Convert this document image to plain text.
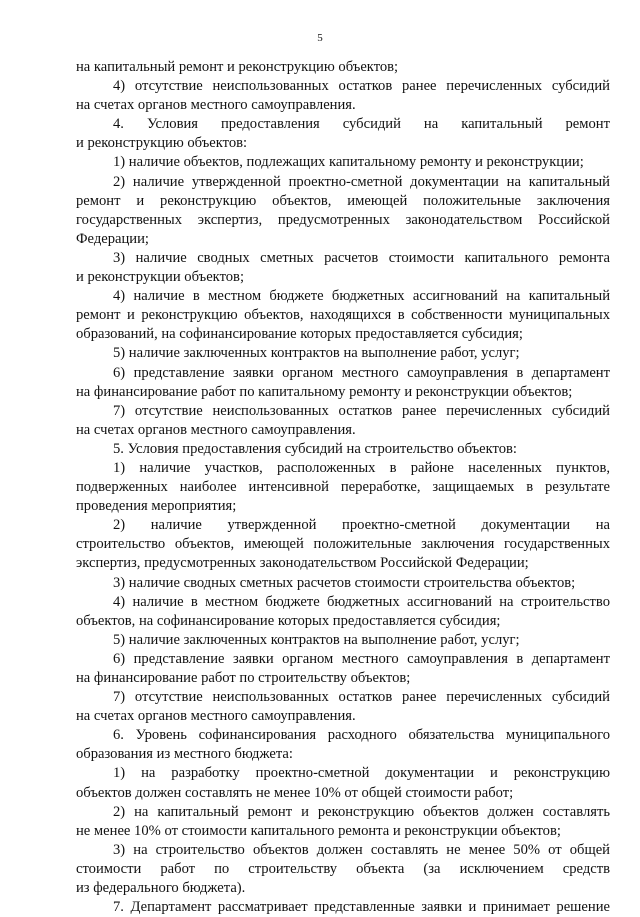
5
на капитальный ремонт и реконструкцию объектов;
4) отсутствие неиспользованных остатков ранее перечисленных субсидий
на счетах органов местного самоуправления.
4. Условия предоставления субсидий на капитальный ремонт
и реконструкцию объектов:
1) наличие объектов, подлежащих капитальному ремонту и реконструкции;
2) наличие утвержденной проектно-сметной документации на капитальный
ремонт и реконструкцию объектов, имеющей положительные заключения
государственных экспертиз, предусмотренных законодательством Российской
Федерации;
3) наличие сводных сметных расчетов стоимости капитального ремонта
и реконструкции объектов;
4) наличие в местном бюджете бюджетных ассигнований на капитальный
ремонт и реконструкцию объектов, находящихся в собственности муниципальных
образований, на софинансирование которых предоставляется субсидия;
5) наличие заключенных контрактов на выполнение работ, услуг;
6) представление заявки органом местного самоуправления в департамент
на финансирование работ по капитальному ремонту и реконструкции объектов;
7) отсутствие неиспользованных остатков ранее перечисленных субсидий
на счетах органов местного самоуправления.
5. Условия предоставления субсидий на строительство объектов:
1) наличие участков, расположенных в районе населенных пунктов,
подверженных наиболее интенсивной переработке, защищаемых в результате
проведения мероприятия;
2) наличие утвержденной проектно-сметной документации на
строительство объектов, имеющей положительные заключения государственных
экспертиз, предусмотренных законодательством Российской Федерации;
3) наличие сводных сметных расчетов стоимости строительства объектов;
4) наличие в местном бюджете бюджетных ассигнований на строительство
объектов, на софинансирование которых предоставляется субсидия;
5) наличие заключенных контрактов на выполнение работ, услуг;
6) представление заявки органом местного самоуправления в департамент
на финансирование работ по строительству объектов;
7) отсутствие неиспользованных остатков ранее перечисленных субсидий
на счетах органов местного самоуправления.
6. Уровень софинансирования расходного обязательства муниципального
образования из местного бюджета:
1) на разработку проектно-сметной документации и реконструкцию
объектов должен составлять не менее 10% от общей стоимости работ;
2) на капитальный ремонт и реконструкцию объектов должен составлять
не менее 10% от стоимости капитального ремонта и реконструкции объектов;
3) на строительство объектов должен составлять не менее 50% от общей
стоимости работ по строительству объекта (за исключением средств
из федерального бюджета).
7. Департамент рассматривает представленные заявки и принимает решение
